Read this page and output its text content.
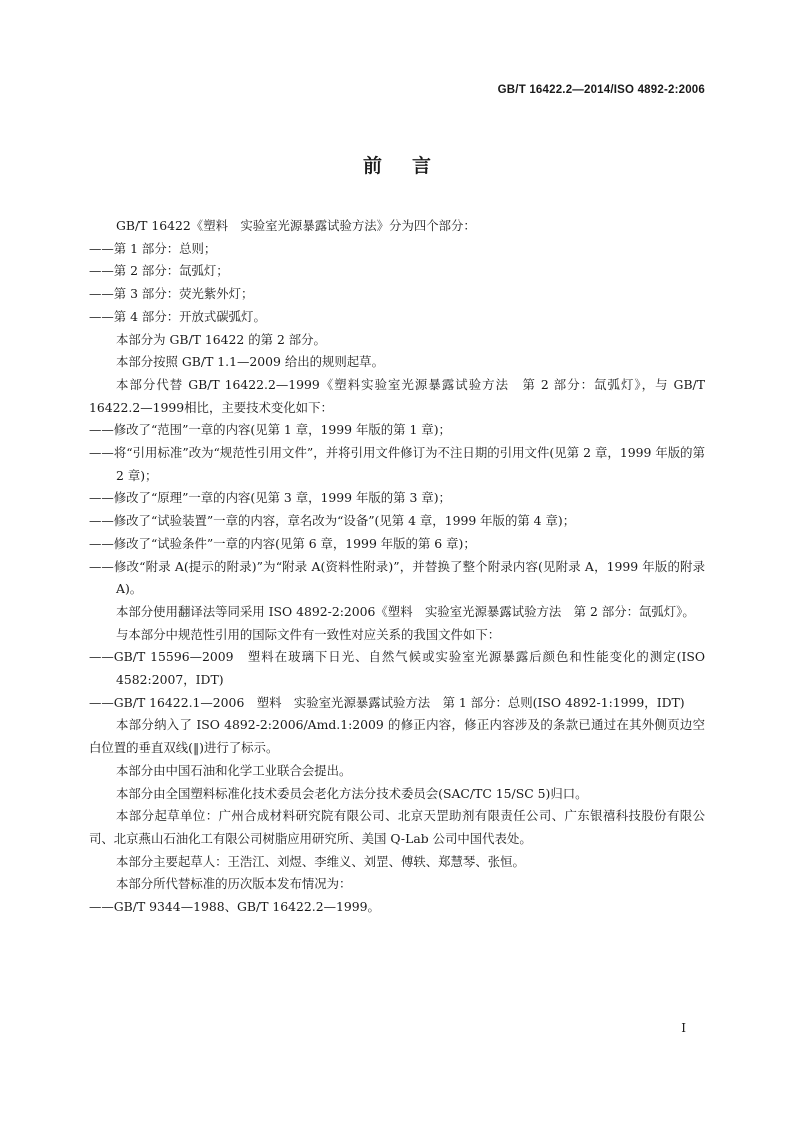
GB/T 16422.2—2014/ISO 4892-2:2006
前言

GB/T 16422《塑料　实验室光源暴露试验方法》分为四个部分：

——第 1 部分：总则；

——第 2 部分：氙弧灯；

——第 3 部分：荧光紫外灯；

——第 4 部分：开放式碳弧灯。

本部分为 GB/T 16422 的第 2 部分。

本部分按照 GB/T 1.1—2009 给出的规则起草。

本部分代替 GB/T 16422.2—1999《塑料实验室光源暴露试验方法　第 2 部分：氙弧灯》，与 GB/T 16422.2—1999相比，主要技术变化如下：

——修改了“范围”一章的内容(见第 1 章，1999 年版的第 1 章)；

——将“引用标准”改为“规范性引用文件”，并将引用文件修订为不注日期的引用文件(见第 2 章，1999 年版的第 2 章)；

——修改了“原理”一章的内容(见第 3 章，1999 年版的第 3 章)；

——修改了“试验装置”一章的内容，章名改为“设备”(见第 4 章，1999 年版的第 4 章)；

——修改了“试验条件”一章的内容(见第 6 章，1999 年版的第 6 章)；

——修改“附录 A(提示的附录)”为“附录 A(资料性附录)”，并替换了整个附录内容(见附录 A，1999 年版的附录 A)。

本部分使用翻译法等同采用 ISO 4892-2:2006《塑料　实验室光源暴露试验方法　第 2 部分：氙弧灯》。

与本部分中规范性引用的国际文件有一致性对应关系的我国文件如下：

——GB/T 15596—2009　塑料在玻璃下日光、自然气候或实验室光源暴露后颜色和性能变化的测定(ISO 4582:2007，IDT)

——GB/T 16422.1—2006　塑料　实验室光源暴露试验方法　第 1 部分：总则(ISO 4892-1:1999，IDT)

本部分纳入了 ISO 4892-2:2006/Amd.1:2009 的修正内容，修正内容涉及的条款已通过在其外侧页边空白位置的垂直双线(‖)进行了标示。

本部分由中国石油和化学工业联合会提出。

本部分由全国塑料标准化技术委员会老化方法分技术委员会(SAC/TC 15/SC 5)归口。

本部分起草单位：广州合成材料研究院有限公司、北京天罡助剂有限责任公司、广东银禧科技股份有限公司、北京燕山石油化工有限公司树脂应用研究所、美国 Q-Lab 公司中国代表处。

本部分主要起草人：王浩江、刘煜、李维义、刘罡、傅轶、郑慧琴、张恒。

本部分所代替标准的历次版本发布情况为：

——GB/T 9344—1988、GB/T 16422.2—1999。

I
